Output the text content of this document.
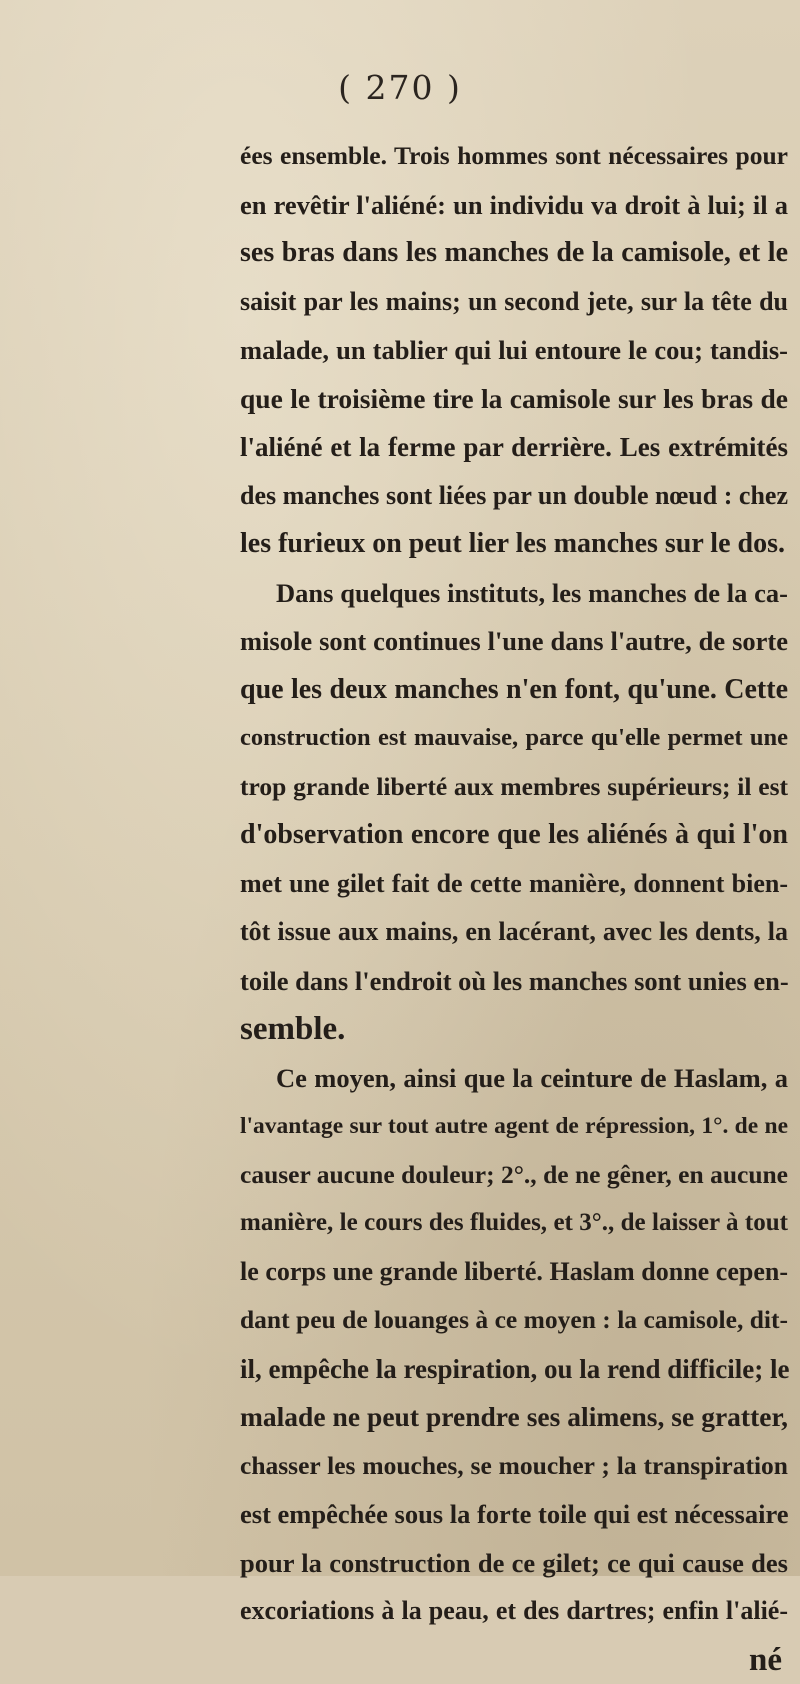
( 270 )
ées ensemble. Trois hommes sont nécessaires pour
en revêtir l'aliéné: un individu va droit à lui; il a
ses bras dans les manches de la camisole, et le
saisit par les mains; un second jete, sur la tête du
malade, un tablier qui lui entoure le cou; tandis-
que le troisième tire la camisole sur les bras de
l'aliéné et la ferme par derrière. Les extrémités
des manches sont liées par un double nœud : chez
les furieux on peut lier les manches sur le dos.
Dans quelques instituts, les manches de la ca-
misole sont continues l'une dans l'autre, de sorte
que les deux manches n'en font, qu'une. Cette
construction est mauvaise, parce qu'elle permet une
trop grande liberté aux membres supérieurs; il est
d'observation encore que les aliénés à qui l'on
met une gilet fait de cette manière, donnent bien-
tôt issue aux mains, en lacérant, avec les dents, la
toile dans l'endroit où les manches sont unies en-
semble.
Ce moyen, ainsi que la ceinture de Haslam, a
l'avantage sur tout autre agent de répression, 1°. de ne
causer aucune douleur; 2°., de ne gêner, en aucune
manière, le cours des fluides, et 3°., de laisser à tout
le corps une grande liberté. Haslam donne cepen-
dant peu de louanges à ce moyen : la camisole, dit-
il, empêche la respiration, ou la rend difficile; le
malade ne peut prendre ses alimens, se gratter,
chasser les mouches, se moucher ; la transpiration
est empêchée sous la forte toile qui est nécessaire
pour la construction de ce gilet; ce qui cause des
excoriations à la peau, et des dartres; enfin l'alié-
né
